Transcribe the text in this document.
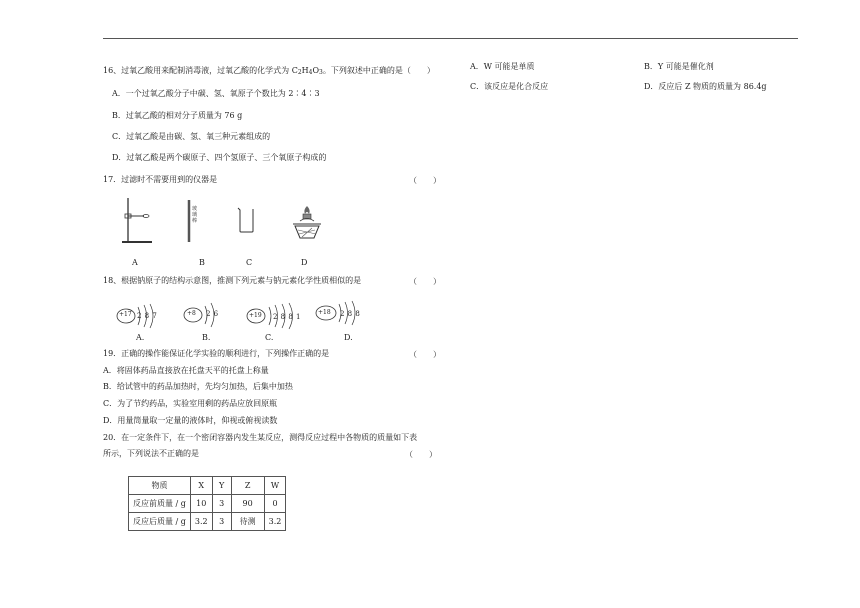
16、过氧乙酸用来配制消毒液，过氧乙酸的化学式为 $C_2H_4O_3$。下列叙述中正确的是（　　）
A．一个过氧乙酸分子中碳、氢、氧原子个数比为 2∶4∶3
B．过氧乙酸的相对分子质量为 76 g
C．过氧乙酸是由碳、氢、氧三种元素组成的
D．过氧乙酸是两个碳原子、四个氢原子、三个氧原子构成的
17．过滤时不需要用到的仪器是	（　　）
玻璃棒
A	B	C	D
18、根据钠原子的结构示意图，推测下列元素与钠元素化学性质相似的是	（　　）
+17 2 8 7
A.
+8 2 6
B.
+19 2 8 8 1
C.
+18 2 8 8
D.
19．正确的操作能保证化学实验的顺利进行，下列操作正确的是	（　　）
A．将固体药品直接放在托盘天平的托盘上称量
B．给试管中的药品加热时，先均匀加热，后集中加热
C．为了节约药品，实验室用剩的药品应放回原瓶
D．用量筒量取一定量的液体时，仰视或俯视读数
20．在一定条件下，在一个密闭容器内发生某反应，测得反应过程中各物质的质量如下表
所示，下列说法不正确的是	（　　）
物质	X	Y	Z	W
反应前质量 / g	10	3	90	0
反应后质量 / g	3.2	3	待测	3.2
A．W 可能是单质	B．Y 可能是催化剂
C．该反应是化合反应	D．反应后 Z 物质的质量为 86.4g
